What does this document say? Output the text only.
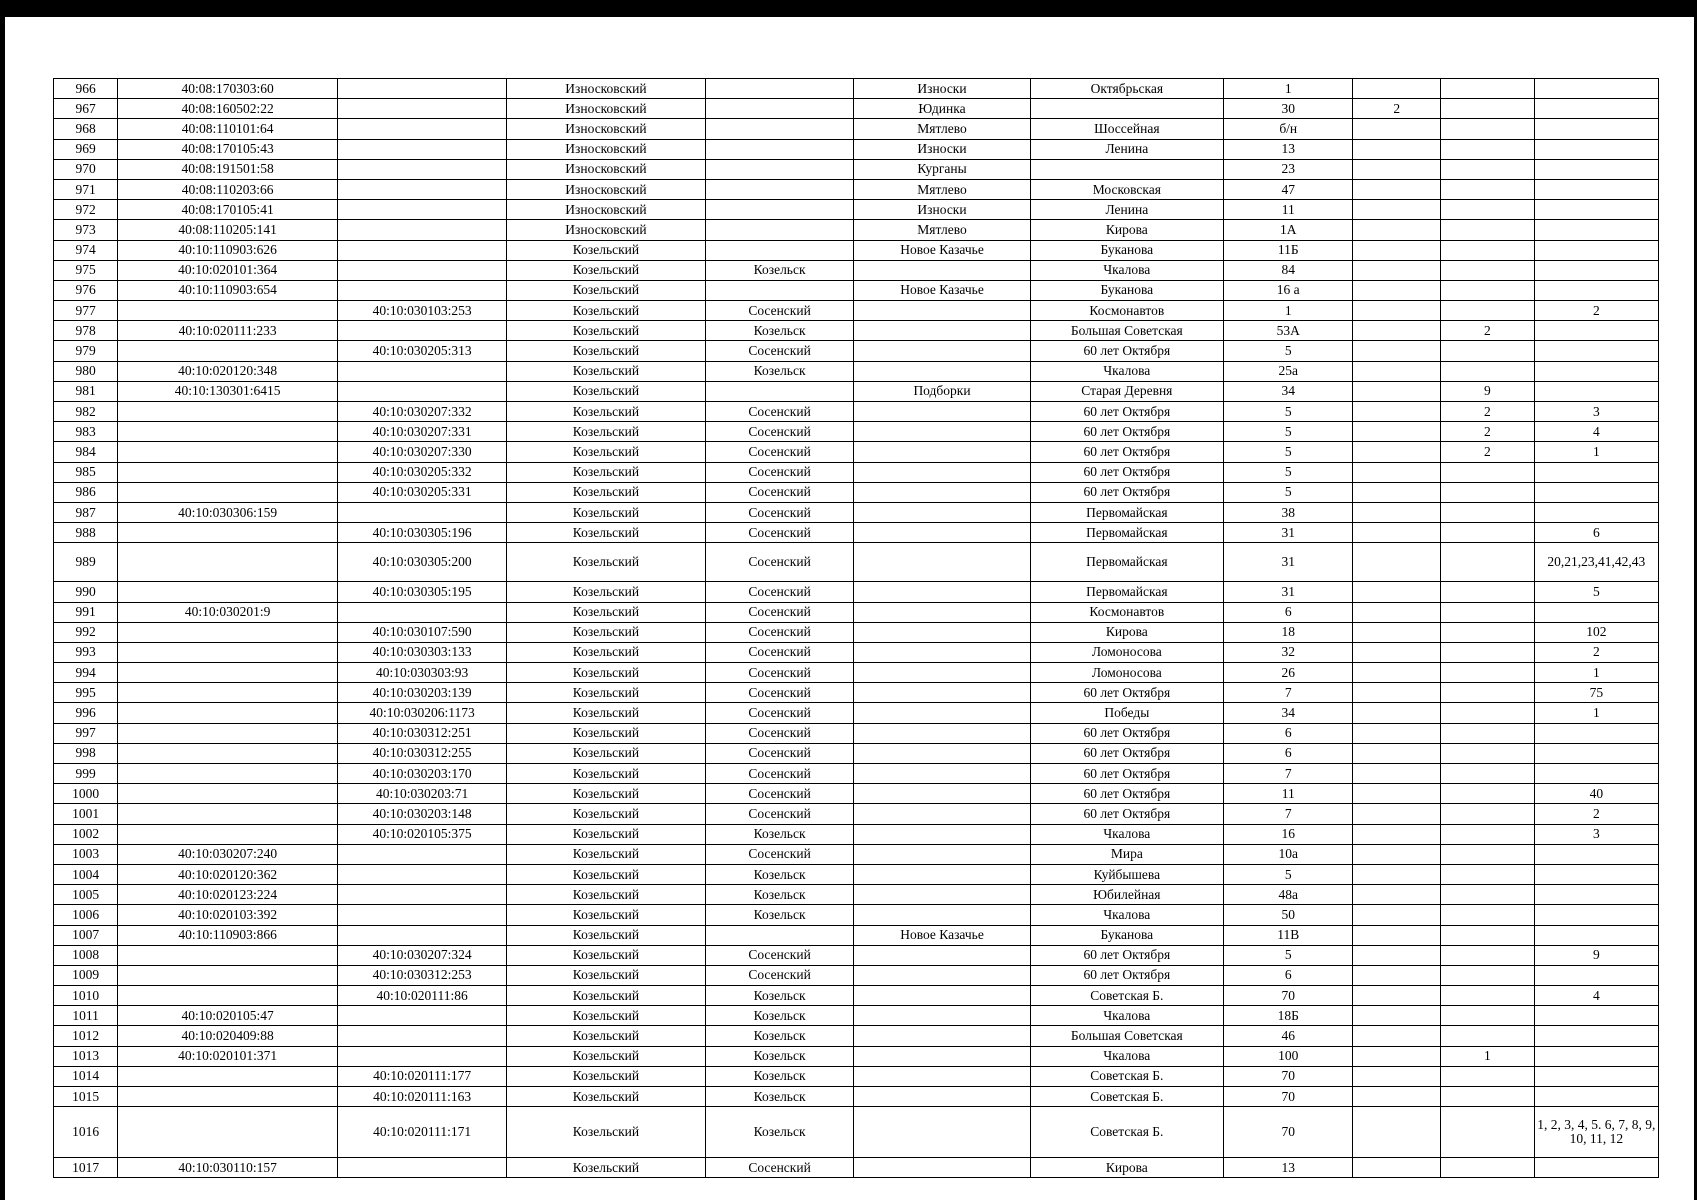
966	40:08:170303:60		Износковский		Износки	Октябрьская	1			
967	40:08:160502:22		Износковский		Юдинка		30	2		
968	40:08:110101:64		Износковский		Мятлево	Шоссейная	б/н			
969	40:08:170105:43		Износковский		Износки	Ленина	13			
970	40:08:191501:58		Износковский		Курганы		23			
971	40:08:110203:66		Износковский		Мятлево	Московская	47			
972	40:08:170105:41		Износковский		Износки	Ленина	11			
973	40:08:110205:141		Износковский		Мятлево	Кирова	1А			
974	40:10:110903:626		Козельский		Новое Казачье	Буканова	11Б			
975	40:10:020101:364		Козельский	Козельск		Чкалова	84			
976	40:10:110903:654		Козельский		Новое Казачье	Буканова	16 а			
977		40:10:030103:253	Козельский	Сосенский		Космонавтов	1			2
978	40:10:020111:233		Козельский	Козельск		Большая Советская	53А		2	
979		40:10:030205:313	Козельский	Сосенский		60 лет Октября	5			
980	40:10:020120:348		Козельский	Козельск		Чкалова	25а			
981	40:10:130301:6415		Козельский		Подборки	Старая Деревня	34		9	
982		40:10:030207:332	Козельский	Сосенский		60 лет Октября	5		2	3
983		40:10:030207:331	Козельский	Сосенский		60 лет Октября	5		2	4
984		40:10:030207:330	Козельский	Сосенский		60 лет Октября	5		2	1
985		40:10:030205:332	Козельский	Сосенский		60 лет Октября	5			
986		40:10:030205:331	Козельский	Сосенский		60 лет Октября	5			
987	40:10:030306:159		Козельский	Сосенский		Первомайская	38			
988		40:10:030305:196	Козельский	Сосенский		Первомайская	31			6
989		40:10:030305:200	Козельский	Сосенский		Первомайская	31			20,21,23,41,42,43
990		40:10:030305:195	Козельский	Сосенский		Первомайская	31			5
991	40:10:030201:9		Козельский	Сосенский		Космонавтов	6			
992		40:10:030107:590	Козельский	Сосенский		Кирова	18			102
993		40:10:030303:133	Козельский	Сосенский		Ломоносова	32			2
994		40:10:030303:93	Козельский	Сосенский		Ломоносова	26			1
995		40:10:030203:139	Козельский	Сосенский		60 лет Октября	7			75
996		40:10:030206:1173	Козельский	Сосенский		Победы	34			1
997		40:10:030312:251	Козельский	Сосенский		60 лет Октября	6			
998		40:10:030312:255	Козельский	Сосенский		60 лет Октября	6			
999		40:10:030203:170	Козельский	Сосенский		60 лет Октября	7			
1000		40:10:030203:71	Козельский	Сосенский		60 лет Октября	11			40
1001		40:10:030203:148	Козельский	Сосенский		60 лет Октября	7			2
1002		40:10:020105:375	Козельский	Козельск		Чкалова	16			3
1003	40:10:030207:240		Козельский	Сосенский		Мира	10а			
1004	40:10:020120:362		Козельский	Козельск		Куйбышева	5			
1005	40:10:020123:224		Козельский	Козельск		Юбилейная	48а			
1006	40:10:020103:392		Козельский	Козельск		Чкалова	50			
1007	40:10:110903:866		Козельский		Новое Казачье	Буканова	11В			
1008		40:10:030207:324	Козельский	Сосенский		60 лет Октября	5			9
1009		40:10:030312:253	Козельский	Сосенский		60 лет Октября	6			
1010		40:10:020111:86	Козельский	Козельск		Советская Б.	70			4
1011	40:10:020105:47		Козельский	Козельск		Чкалова	18Б			
1012	40:10:020409:88		Козельский	Козельск		Большая Советская	46			
1013	40:10:020101:371		Козельский	Козельск		Чкалова	100		1	
1014		40:10:020111:177	Козельский	Козельск		Советская Б.	70			
1015		40:10:020111:163	Козельский	Козельск		Советская Б.	70			
1016		40:10:020111:171	Козельский	Козельск		Советская Б.	70			1, 2, 3, 4, 5. 6, 7, 8, 9, 10, 11, 12
1017	40:10:030110:157		Козельский	Сосенский		Кирова	13			
